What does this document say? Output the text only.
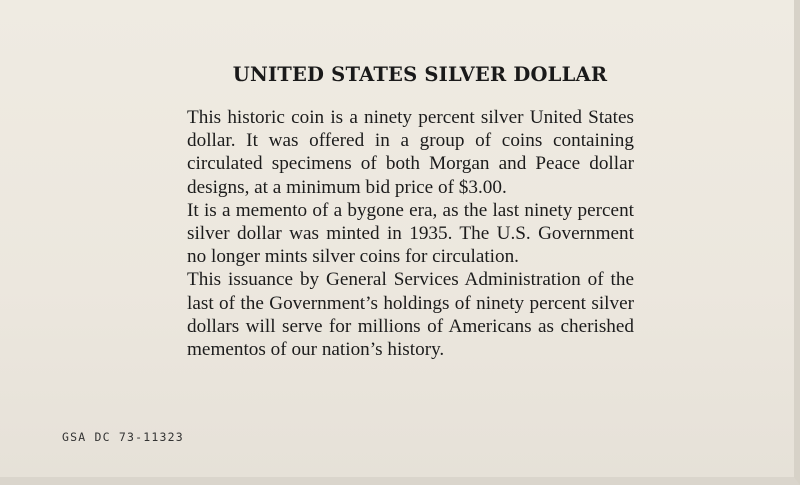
UNITED STATES SILVER DOLLAR

This historic coin is a ninety percent silver United States dollar. It was offered in a group of coins containing circulated specimens of both Morgan and Peace dollar designs, at a minimum bid price of $3.00.

It is a memento of a bygone era, as the last ninety percent silver dollar was minted in 1935. The U.S. Government no longer mints silver coins for circulation.

This issuance by General Services Administration of the last of the Government’s holdings of ninety percent silver dollars will serve for millions of Americans as cherished mementos of our nation’s history.

GSA DC 73-11323
